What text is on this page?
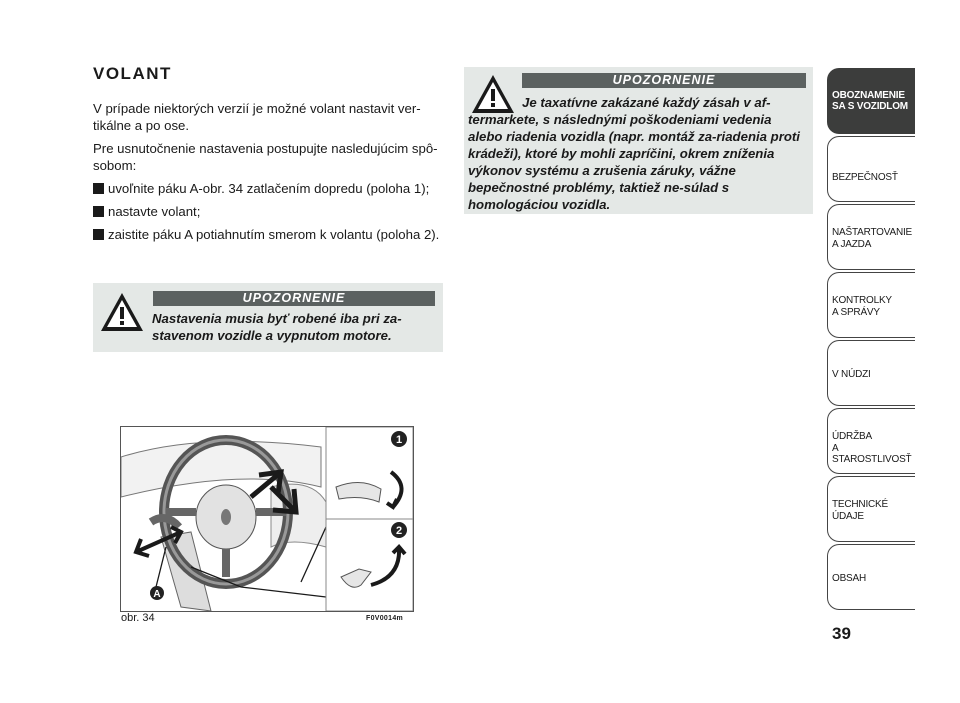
VOLANT

V prípade niektorých verzií je možné volant nastavit ver-tikálne a po ose.

Pre usnutočnenie nastavenia postupujte nasledujúcim spô-sobom:

uvoľnite páku A-obr. 34 zatlačením dopredu (poloha 1);

nastavte volant;

zaistite páku A potiahnutím smerom k volantu (poloha 2).

UPOZORNENIE
Nastavenia musia byť robené iba pri za-stavenom vozidle a vypnutom motore.
UPOZORNENIE
Je taxatívne zakázané každý zásah v af-termarkete, s následnými poškodeniami vedenia alebo riadenia vozidla (napr. montáž za-riadenia proti krádeži), ktoré by mohli zapríčini, okrem zníženia výkonov systému a zrušenia záruky, vážne bepečnostné problémy, taktiež ne-súlad s homologáciou vozidla.
1
2
A
obr. 34	F0V0014m
OBOZNAMENIE
SA S VOZIDLOM
BEZPEČNOSŤ
NAŠTARTOVANIE
A JAZDA
KONTROLKY
A SPRÁVY
V NÚDZI
ÚDRŽBA
A STAROSTLIVOSŤ
TECHNICKÉ
ÚDAJE
OBSAH
39
